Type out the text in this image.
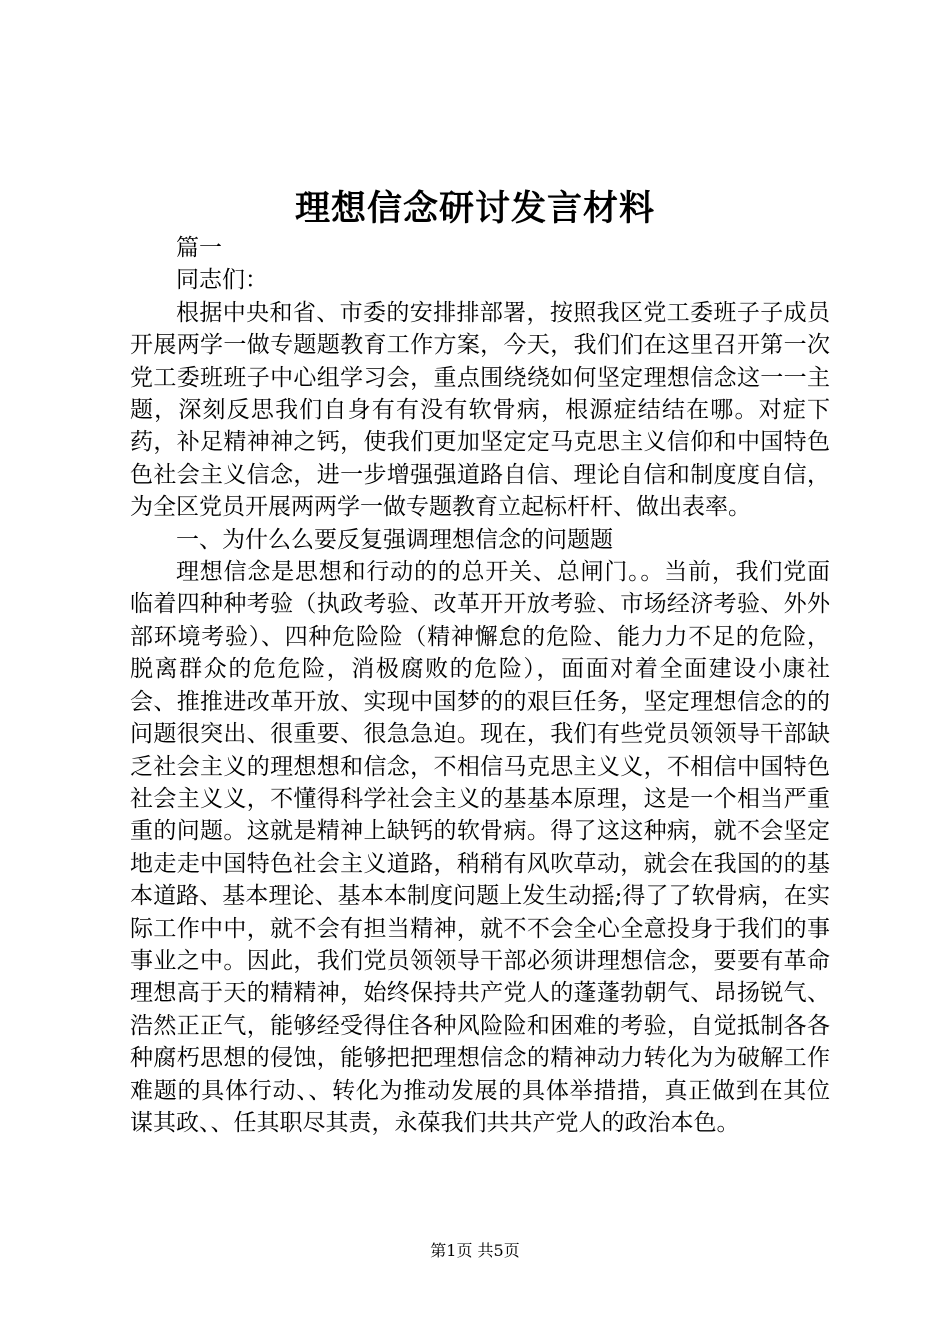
理想信念研讨发言材料

篇一

同志们：

根据中央和省、市委的安排排部署，按照我区党工委班子子成员开展两学一做专题题教育工作方案，今天，我们们在这里召开第一次党工委班班子中心组学习会，重点围绕绕如何坚定理想信念这一一主题，深刻反思我们自身有有没有软骨病，根源症结结在哪。对症下药，补足精神神之钙，使我们更加坚定定马克思主义信仰和中国特色色社会主义信念，进一步增强强道路自信、理论自信和制度度自信，为全区党员开展两两学一做专题教育立起标杆杆、做出表率。

一、为什么么要反复强调理想信念的问题题

理想信念是思想和行动的的总开关、总闸门。。当前，我们党面临着四种种考验（执政考验、改革开开放考验、市场经济考验、外外部环境考验）、四种危险险（精神懈怠的危险、能力力不足的危险，脱离群众的危危险，消极腐败的危险），面面对着全面建设小康社会、推推进改革开放、实现中国梦的的艰巨任务，坚定理想信念的的问题很突出、很重要、很急急迫。现在，我们有些党员领领导干部缺乏社会主义的理想想和信念，不相信马克思主义义，不相信中国特色社会主义义，不懂得科学社会主义的基基本原理，这是一个相当严重重的问题。这就是精神上缺钙的软骨病。得了这这种病，就不会坚定地走走中国特色社会主义道路，稍稍有风吹草动，就会在我国的的基本道路、基本理论、基本本制度问题上发生动摇;得了了软骨病，在实际工作中中，就不会有担当精神，就不不会全心全意投身于我们的事事业之中。因此，我们党员领领导干部必须讲理想信念，要要有革命理想高于天的精精神，始终保持共产党人的蓬蓬勃朝气、昂扬锐气、浩然正正气，能够经受得住各种风险险和困难的考验，自觉抵制各各种腐朽思想的侵蚀，能够把把理想信念的精神动力转化为为破解工作难题的具体行动、、转化为推动发展的具体举措措，真正做到在其位谋其政、、任其职尽其责，永葆我们共共产党人的政治本色。

第1页 共5页
